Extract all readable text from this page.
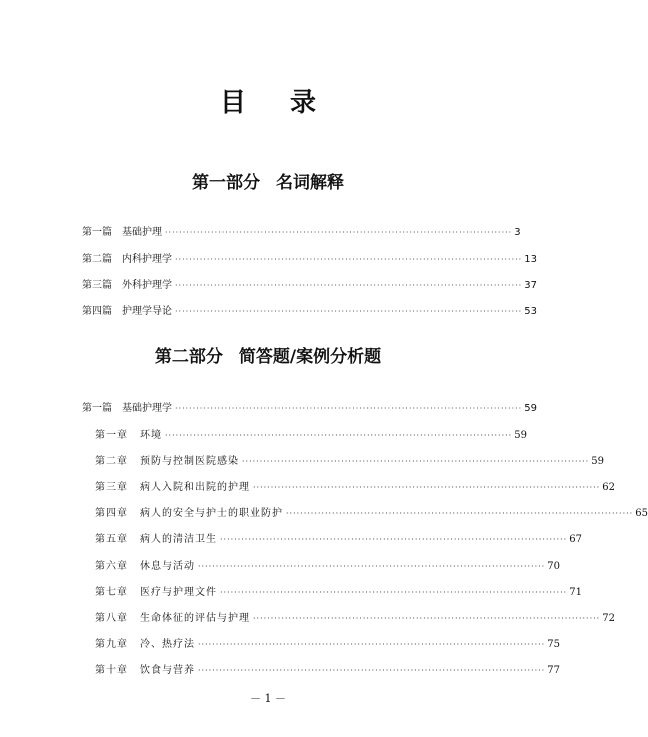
目 录
第一部分 名词解释
第一篇 基础护理 ·································································································· 3
第二篇 内科护理学 ·································································································· 13
第三篇 外科护理学 ·································································································· 37
第四篇 护理学导论 ·································································································· 53
第二部分 简答题/案例分析题
第一篇 基础护理学 ·································································································· 59
第一章 环境 ·································································································· 59
第二章 预防与控制医院感染 ·································································································· 59
第三章 病人入院和出院的护理 ·································································································· 62
第四章 病人的安全与护士的职业防护 ·································································································· 65
第五章 病人的清洁卫生 ·································································································· 67
第六章 休息与活动 ·································································································· 70
第七章 医疗与护理文件 ·································································································· 71
第八章 生命体征的评估与护理 ·································································································· 72
第九章 冷、热疗法 ·································································································· 75
第十章 饮食与营养 ·································································································· 77
－ 1 －
